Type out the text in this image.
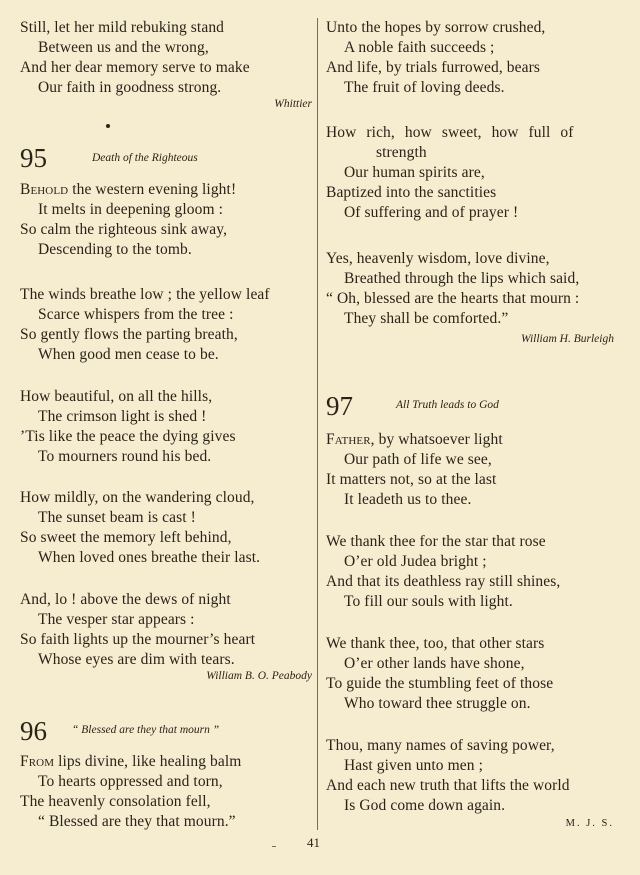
Still, let her mild rebuking stand
Between us and the wrong,
And her dear memory serve to make
Our faith in goodness strong.
Whittier
95	Death of the Righteous
Behold the western evening light!
It melts in deepening gloom :
So calm the righteous sink away,
Descending to the tomb.
The winds breathe low ; the yellow leaf
Scarce whispers from the tree :
So gently flows the parting breath,
When good men cease to be.
How beautiful, on all the hills,
The crimson light is shed !
’Tis like the peace the dying gives
To mourners round his bed.
How mildly, on the wandering cloud,
The sunset beam is cast !
So sweet the memory left behind,
When loved ones breathe their last.
And, lo ! above the dews of night
The vesper star appears :
So faith lights up the mourner’s heart
Whose eyes are dim with tears.
William B. O. Peabody
96 “ Blessed are they that mourn ”
From lips divine, like healing balm
To hearts oppressed and torn,
The heavenly consolation fell,
“ Blessed are they that mourn.”
Unto the hopes by sorrow crushed,
A noble faith succeeds ;
And life, by trials furrowed, bears
The fruit of loving deeds.
How rich, how sweet, how full of
strength
Our human spirits are,
Baptized into the sanctities
Of suffering and of prayer !
Yes, heavenly wisdom, love divine,
Breathed through the lips which said,
“ Oh, blessed are the hearts that mourn :
They shall be comforted.”
William H. Burleigh
97	All Truth leads to God
Father, by whatsoever light
Our path of life we see,
It matters not, so at the last
It leadeth us to thee.
We thank thee for the star that rose
O’er old Judea bright ;
And that its deathless ray still shines,
To fill our souls with light.
We thank thee, too, that other stars
O’er other lands have shone,
To guide the stumbling feet of those
Who toward thee struggle on.
Thou, many names of saving power,
Hast given unto men ;
And each new truth that lifts the world
Is God come down again.
M. J. S.
41
